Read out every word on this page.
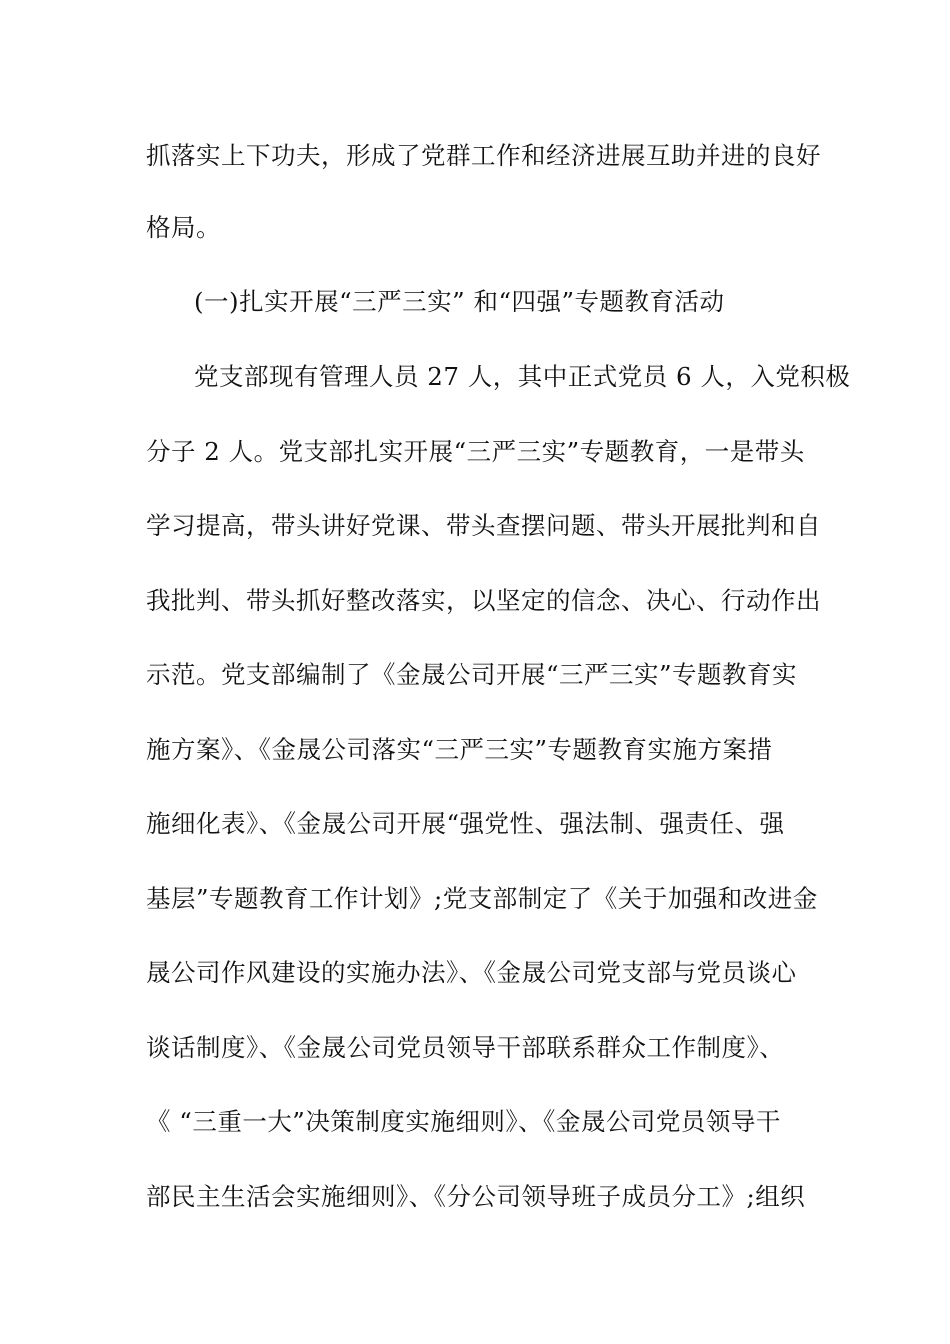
抓落实上下功夫，形成了党群工作和经济进展互助并进的良好
格局。
(一)扎实开展“三严三实” 和“四强”专题教育活动
党支部现有管理人员 27 人，其中正式党员 6 人，入党积极
分子 2 人。党支部扎实开展“三严三实”专题教育，一是带头
学习提高，带头讲好党课、带头查摆问题、带头开展批判和自
我批判、带头抓好整改落实，以坚定的信念、决心、行动作出
示范。党支部编制了《金晟公司开展“三严三实”专题教育实
施方案》、《金晟公司落实“三严三实”专题教育实施方案措
施细化表》、《金晟公司开展“强党性、强法制、强责任、强
基层”专题教育工作计划》;党支部制定了《关于加强和改进金
晟公司作风建设的实施办法》、《金晟公司党支部与党员谈心
谈话制度》、《金晟公司党员领导干部联系群众工作制度》、
《 “三重一大”决策制度实施细则》、《金晟公司党员领导干
部民主生活会实施细则》、《分公司领导班子成员分工》;组织
